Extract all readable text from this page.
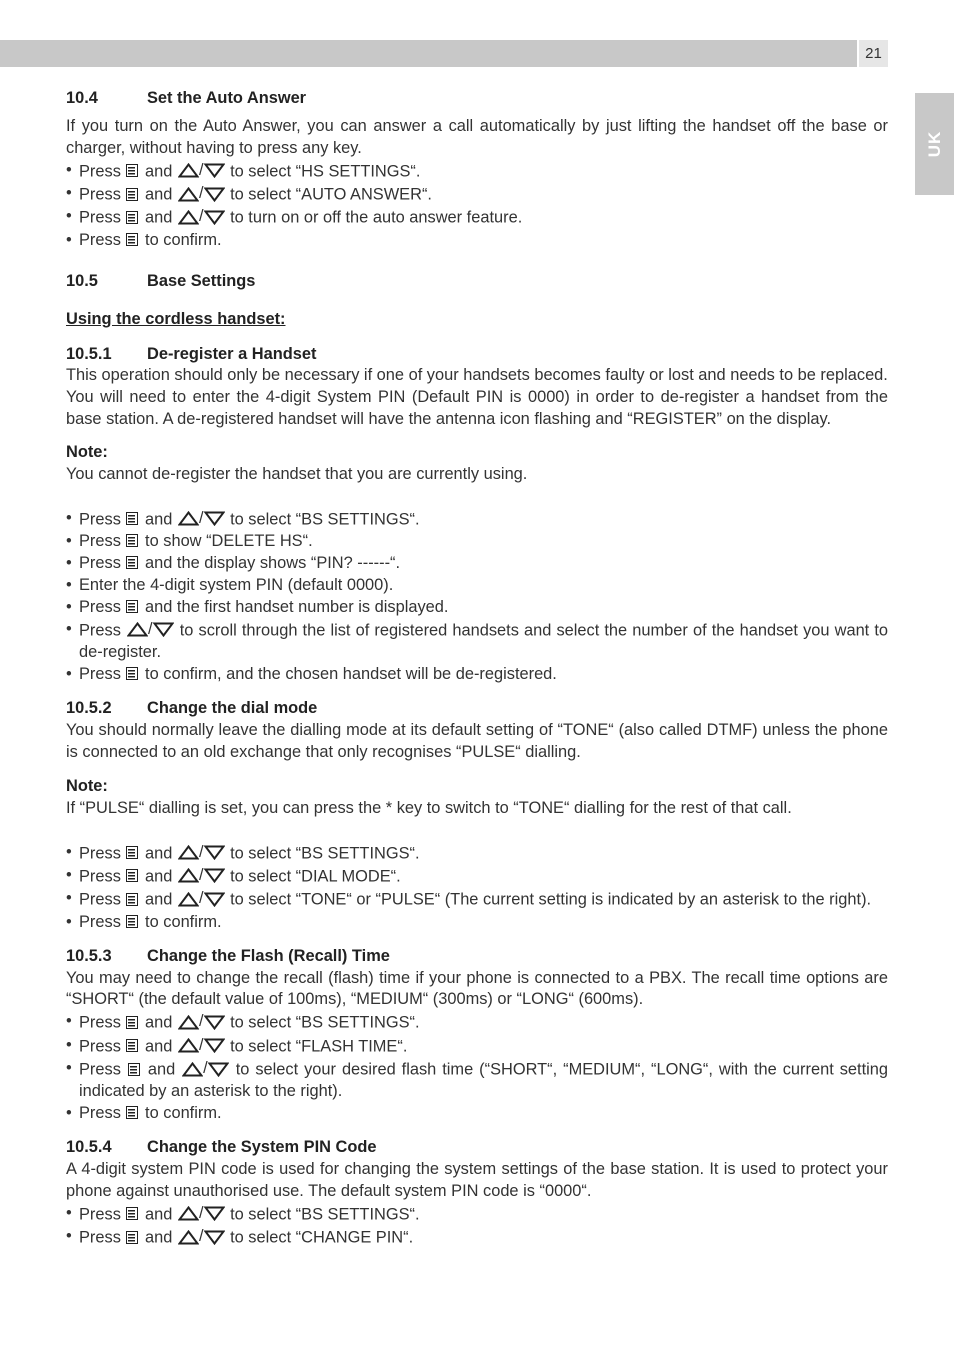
21
UK
10.4	Set the Auto Answer

If you turn on the Auto Answer, you can answer a call automatically by just lifting the handset off the base or charger, without having to press any key.

• Press and / to select “HS SETTINGS“.
• Press and / to select “AUTO ANSWER“.
• Press and / to turn on or off the auto answer feature.
• Press to confirm.
10.5	Base Settings

Using the cordless handset:

10.5.1 De-register a Handset

This operation should only be necessary if one of your handsets becomes faulty or lost and needs to be replaced.

You will need to enter the 4-digit System PIN (Default PIN is 0000) in order to de-register a handset from the base station. A de-registered handset will have the antenna icon flashing and “REGISTER” on the display.

Note:

You cannot de-register the handset that you are currently using.

• Press and / to select “BS SETTINGS“.
• Press to show “DELETE HS“.
• Press and the display shows “PIN? ------“.
• Enter the 4-digit system PIN (default 0000).
• Press and the first handset number is displayed.
• Press / to scroll through the list of registered handsets and select the number of the handset you want to de-register.
• Press to confirm, and the chosen handset will be de-registered.
10.5.2 Change the dial mode

You should normally leave the dialling mode at its default setting of “TONE“ (also called DTMF) unless the phone is connected to an old exchange that only recognises “PULSE“ dialling.

Note:

If “PULSE“ dialling is set, you can press the * key to switch to “TONE“ dialling for the rest of that call.

• Press and / to select “BS SETTINGS“.
• Press and / to select “DIAL MODE“.
• Press and / to select “TONE“ or “PULSE“ (The current setting is indicated by an asterisk to the right).
• Press to confirm.
10.5.3 Change the Flash (Recall) Time

You may need to change the recall (flash) time if your phone is connected to a PBX. The recall time options are “SHORT“ (the default value of 100ms), “MEDIUM“ (300ms) or “LONG“ (600ms).

• Press and / to select “BS SETTINGS“.
• Press and / to select “FLASH TIME“.
• Press and / to select your desired flash time (“SHORT“, “MEDIUM“, “LONG“, with the current setting indicated by an asterisk to the right).
• Press to confirm.
10.5.4 Change the System PIN Code

A 4-digit system PIN code is used for changing the system settings of the base station. It is used to protect your phone against unauthorised use. The default system PIN code is “0000“.

• Press and / to select “BS SETTINGS“.
• Press and / to select “CHANGE PIN“.
